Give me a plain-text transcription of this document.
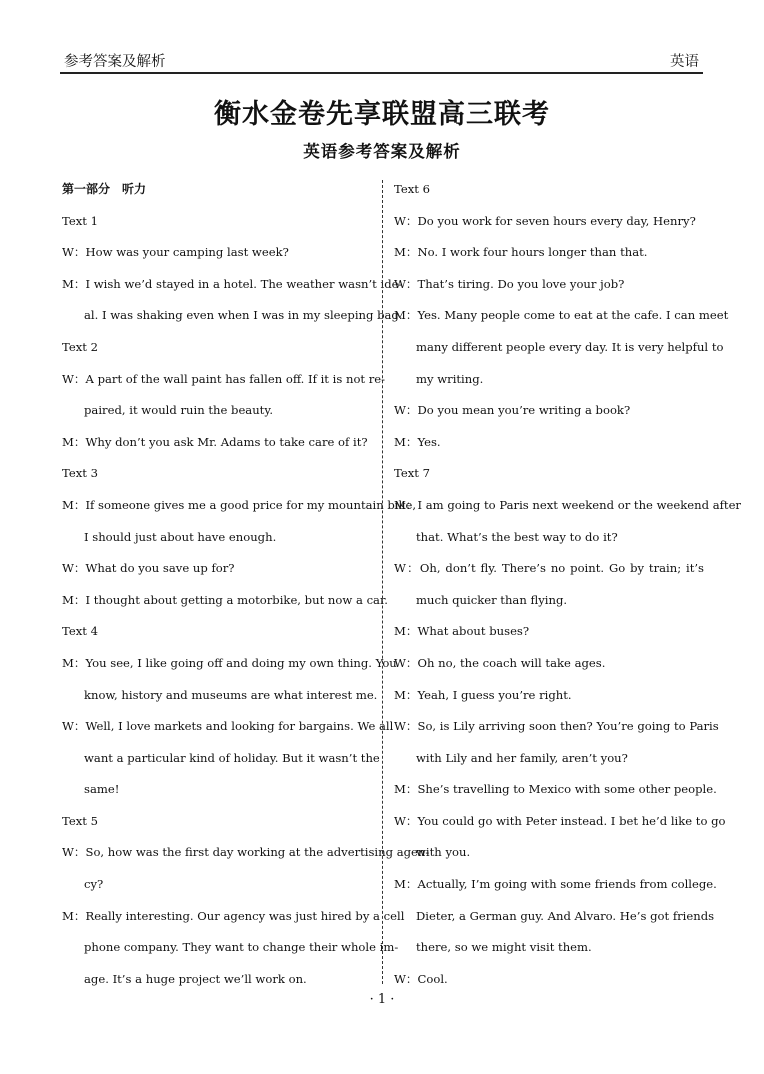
参考答案及解析	英语
衡水金卷先享联盟高三联考
英语参考答案及解析
第一部分　听力
Text 1
W：How was your camping last week?
M：I wish we’d stayed in a hotel. The weather wasn’t ide-
al. I was shaking even when I was in my sleeping bag.
Text 2
W：A part of the wall paint has fallen off. If it is not re-
paired, it would ruin the beauty.
M：Why don’t you ask Mr. Adams to take care of it?
Text 3
M：If someone gives me a good price for my mountain bike,
I should just about have enough.
W：What do you save up for?
M：I thought about getting a motorbike, but now a car.
Text 4
M：You see, I like going off and doing my own thing. You
know, history and museums are what interest me.
W：Well, I love markets and looking for bargains. We all
want a particular kind of holiday. But it wasn’t the
same!
Text 5
W：So, how was the first day working at the advertising agen-
cy?
M：Really interesting. Our agency was just hired by a cell
phone company. They want to change their whole im-
age. It’s a huge project we’ll work on.
Text 6
W：Do you work for seven hours every day, Henry?
M：No. I work four hours longer than that.
W：That’s tiring. Do you love your job?
M：Yes. Many people come to eat at the cafe. I can meet
many different people every day. It is very helpful to
my writing.
W：Do you mean you’re writing a book?
M：Yes.
Text 7
M：I am going to Paris next weekend or the weekend after
that. What’s the best way to do it?
W：Oh, don’t fly. There’s no point. Go by train; it’s
much quicker than flying.
M：What about buses?
W：Oh no, the coach will take ages.
M：Yeah, I guess you’re right.
W：So, is Lily arriving soon then? You’re going to Paris
with Lily and her family, aren’t you?
M：She’s travelling to Mexico with some other people.
W：You could go with Peter instead. I bet he’d like to go
with you.
M：Actually, I’m going with some friends from college.
Dieter, a German guy. And Alvaro. He’s got friends
there, so we might visit them.
W：Cool.
· 1 ·
